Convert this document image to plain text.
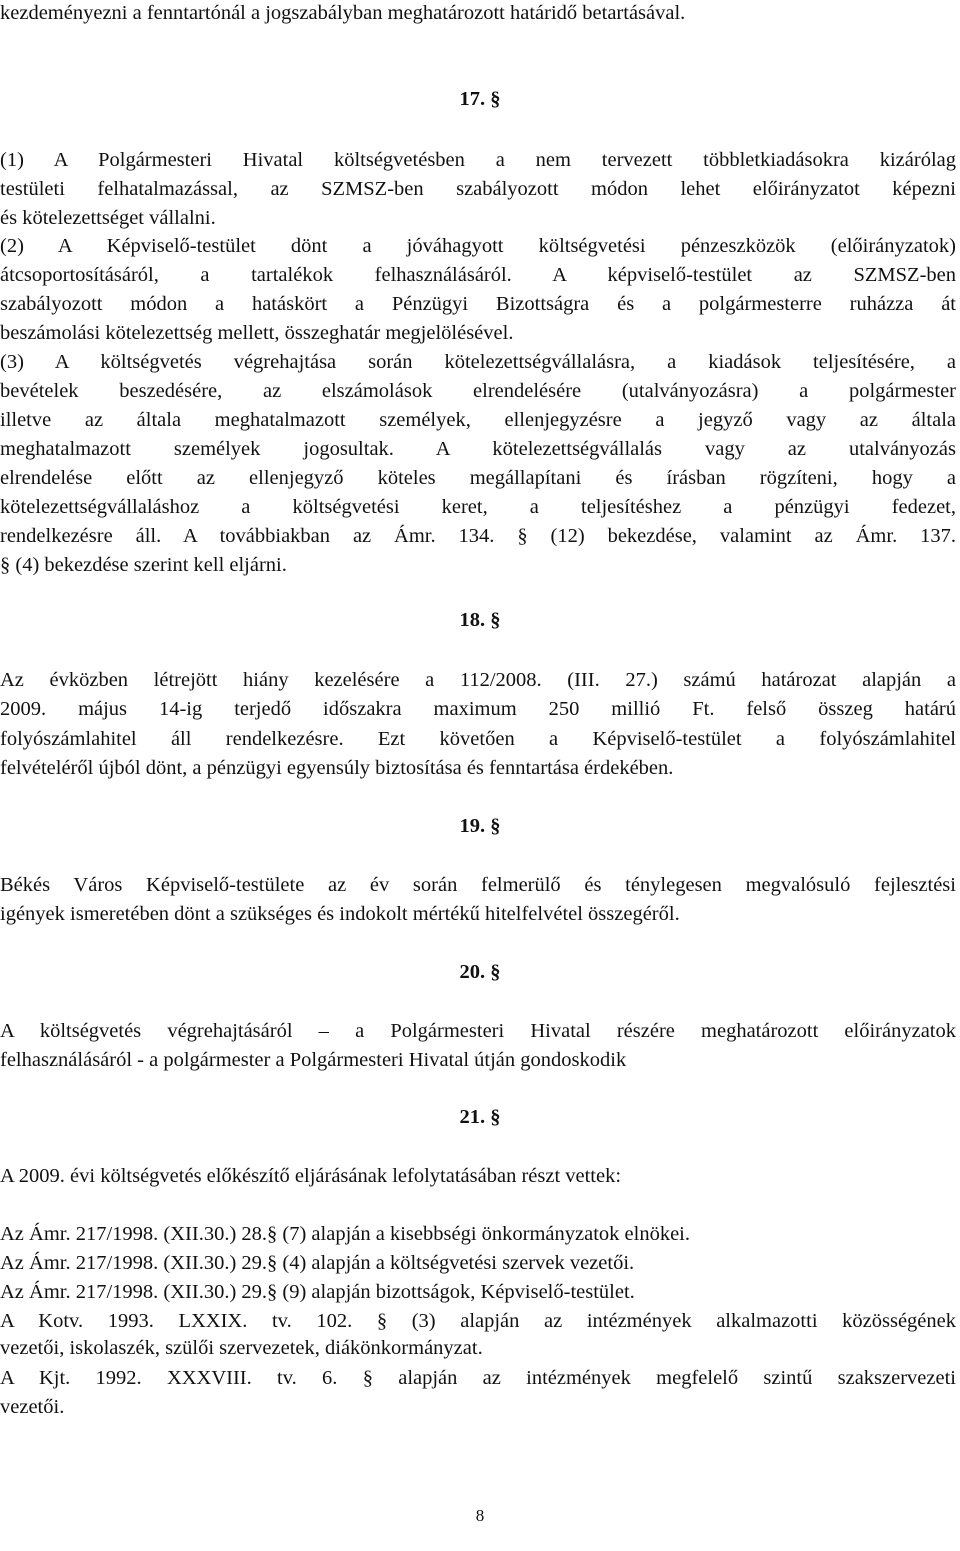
kezdeményezni a fenntartónál a jogszabályban meghatározott határidő betartásával.
17. §
(1) A Polgármesteri Hivatal költségvetésben a nem tervezett többletkiadásokra kizárólag
testületi felhatalmazással, az SZMSZ-ben szabályozott módon lehet előirányzatot képezni
és kötelezettséget vállalni.
(2) A Képviselő-testület dönt a jóváhagyott költségvetési pénzeszközök (előirányzatok)
átcsoportosításáról, a tartalékok felhasználásáról. A képviselő-testület az SZMSZ-ben
szabályozott módon a hatáskört a Pénzügyi Bizottságra és a polgármesterre ruházza át
beszámolási kötelezettség mellett, összeghatár megjelölésével.
(3) A költségvetés végrehajtása során kötelezettségvállalásra, a kiadások teljesítésére, a
bevételek beszedésére, az elszámolások elrendelésére (utalványozásra) a polgármester
illetve az általa meghatalmazott személyek, ellenjegyzésre a jegyző vagy az általa
meghatalmazott személyek jogosultak. A kötelezettségvállalás vagy az utalványozás
elrendelése előtt az ellenjegyző köteles megállapítani és írásban rögzíteni, hogy a
kötelezettségvállaláshoz a költségvetési keret, a teljesítéshez a pénzügyi fedezet,
rendelkezésre áll. A továbbiakban az Ámr. 134. § (12) bekezdése, valamint az Ámr. 137.
§ (4) bekezdése szerint kell eljárni.
18. §
Az évközben létrejött hiány kezelésére a 112/2008. (III. 27.) számú határozat alapján a
2009. május 14-ig terjedő időszakra maximum 250 millió Ft. felső összeg határú
folyószámlahitel áll rendelkezésre. Ezt követően a Képviselő-testület a folyószámlahitel
felvételéről újból dönt, a pénzügyi egyensúly biztosítása és fenntartása érdekében.
19. §
Békés Város Képviselő-testülete az év során felmerülő és ténylegesen megvalósuló fejlesztési
igények ismeretében dönt a szükséges és indokolt mértékű hitelfelvétel összegéről.
20. §
A költségvetés végrehajtásáról – a Polgármesteri Hivatal részére meghatározott előirányzatok
felhasználásáról - a polgármester a Polgármesteri Hivatal útján gondoskodik
21. §
A 2009. évi költségvetés előkészítő eljárásának lefolytatásában részt vettek:
Az Ámr. 217/1998. (XII.30.) 28.§ (7) alapján a kisebbségi önkormányzatok elnökei.
Az Ámr. 217/1998. (XII.30.) 29.§ (4) alapján a költségvetési szervek vezetői.
Az Ámr. 217/1998. (XII.30.) 29.§ (9) alapján bizottságok, Képviselő-testület.
A Kotv. 1993. LXXIX. tv. 102. § (3) alapján az intézmények alkalmazotti közösségének
vezetői, iskolaszék, szülői szervezetek, diákönkormányzat.
A Kjt. 1992. XXXVIII. tv. 6. § alapján az intézmények megfelelő szintű szakszervezeti
vezetői.
8
